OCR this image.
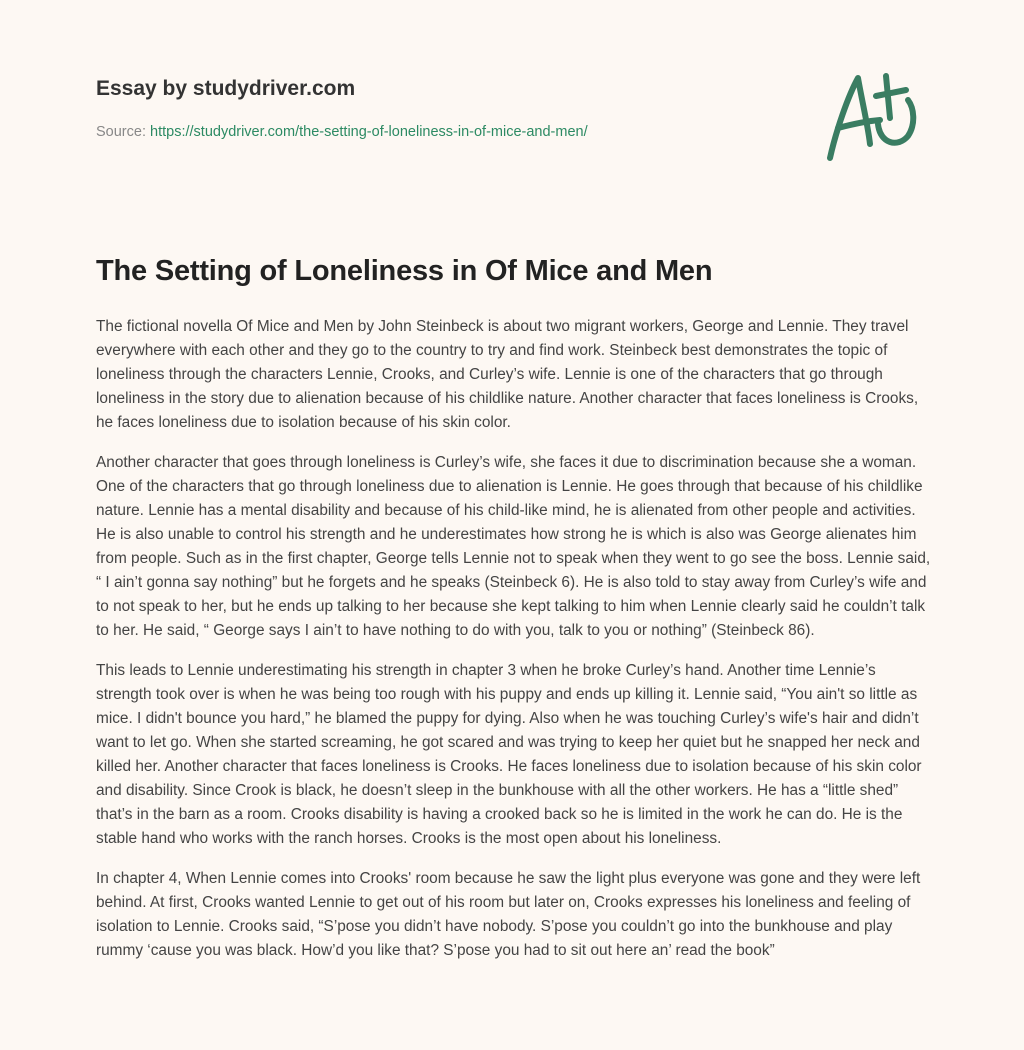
Essay by studydriver.com
Source: https://studydriver.com/the-setting-of-loneliness-in-of-mice-and-men/
The Setting of Loneliness in Of Mice and Men

The fictional novella Of Mice and Men by John Steinbeck is about two migrant workers, George and Lennie. They travel everywhere with each other and they go to the country to try and find work. Steinbeck best demonstrates the topic of loneliness through the characters Lennie, Crooks, and Curley’s wife. Lennie is one of the characters that go through loneliness in the story due to alienation because of his childlike nature. Another character that faces loneliness is Crooks, he faces loneliness due to isolation because of his skin color.

Another character that goes through loneliness is Curley’s wife, she faces it due to discrimination because she a woman. One of the characters that go through loneliness due to alienation is Lennie. He goes through that because of his childlike nature. Lennie has a mental disability and because of his child-like mind, he is alienated from other people and activities. He is also unable to control his strength and he underestimates how strong he is which is also was George alienates him from people. Such as in the first chapter, George tells Lennie not to speak when they went to go see the boss. Lennie said, “ I ain’t gonna say nothing” but he forgets and he speaks (Steinbeck 6). He is also told to stay away from Curley’s wife and to not speak to her, but he ends up talking to her because she kept talking to him when Lennie clearly said he couldn’t talk to her. He said, “ George says I ain’t to have nothing to do with you, talk to you or nothing” (Steinbeck 86).

This leads to Lennie underestimating his strength in chapter 3 when he broke Curley’s hand. Another time Lennie’s strength took over is when he was being too rough with his puppy and ends up killing it. Lennie said, “You ain't so little as mice. I didn't bounce you hard,” he blamed the puppy for dying. Also when he was touching Curley’s wife's hair and didn’t want to let go. When she started screaming, he got scared and was trying to keep her quiet but he snapped her neck and killed her. Another character that faces loneliness is Crooks. He faces loneliness due to isolation because of his skin color and disability. Since Crook is black, he doesn’t sleep in the bunkhouse with all the other workers. He has a “little shed” that’s in the barn as a room. Crooks disability is having a crooked back so he is limited in the work he can do. He is the stable hand who works with the ranch horses. Crooks is the most open about his loneliness.

In chapter 4, When Lennie comes into Crooks' room because he saw the light plus everyone was gone and they were left behind. At first, Crooks wanted Lennie to get out of his room but later on, Crooks expresses his loneliness and feeling of isolation to Lennie. Crooks said, “S’pose you didn’t have nobody. S’pose you couldn’t go into the bunkhouse and play rummy ‘cause you was black. How’d you like that? S’pose you had to sit out here an’ read the book”
